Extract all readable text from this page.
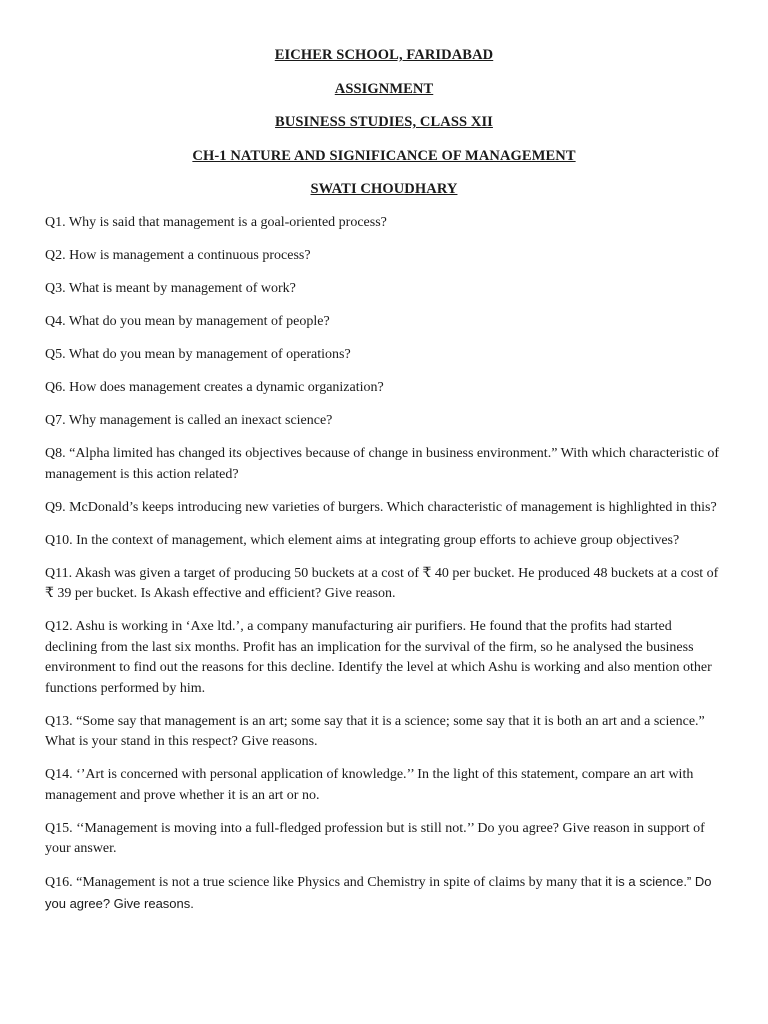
EICHER SCHOOL, FARIDABAD
ASSIGNMENT
BUSINESS STUDIES, CLASS XII
CH-1 NATURE AND SIGNIFICANCE OF MANAGEMENT
SWATI CHOUDHARY

Q1. Why is said that management is a goal-oriented process?

Q2. How is management a continuous process?

Q3. What is meant by management of work?

Q4. What do you mean by management of people?

Q5. What do you mean by management of operations?

Q6. How does management creates a dynamic organization?

Q7. Why management is called an inexact science?

Q8. “Alpha limited has changed its objectives because of change in business environment.” With which characteristic of management is this action related?

Q9. McDonald’s keeps introducing new varieties of burgers. Which characteristic of management is highlighted in this?

Q10. In the context of management, which element aims at integrating group efforts to achieve group objectives?

Q11. Akash was given a target of producing 50 buckets at a cost of ₹ 40 per bucket. He produced 48 buckets at a cost of ₹ 39 per bucket. Is Akash effective and efficient? Give reason.

Q12. Ashu is working in ‘Axe ltd.’, a company manufacturing air purifiers. He found that the profits had started declining from the last six months. Profit has an implication for the survival of the firm, so he analysed the business environment to find out the reasons for this decline. Identify the level at which Ashu is working and also mention other functions performed by him.

Q13. “Some say that management is an art; some say that it is a science; some say that it is both an art and a science.” What is your stand in this respect? Give reasons.

Q14. ‘’Art is concerned with personal application of knowledge.’’ In the light of this statement, compare an art with management and prove whether it is an art or no.

Q15. ‘‘Management is moving into a full-fledged profession but is still not.’’ Do you agree? Give reason in support of your answer.

Q16. “Management is not a true science like Physics and Chemistry in spite of claims by many that it is a science.” Do you agree? Give reasons.
